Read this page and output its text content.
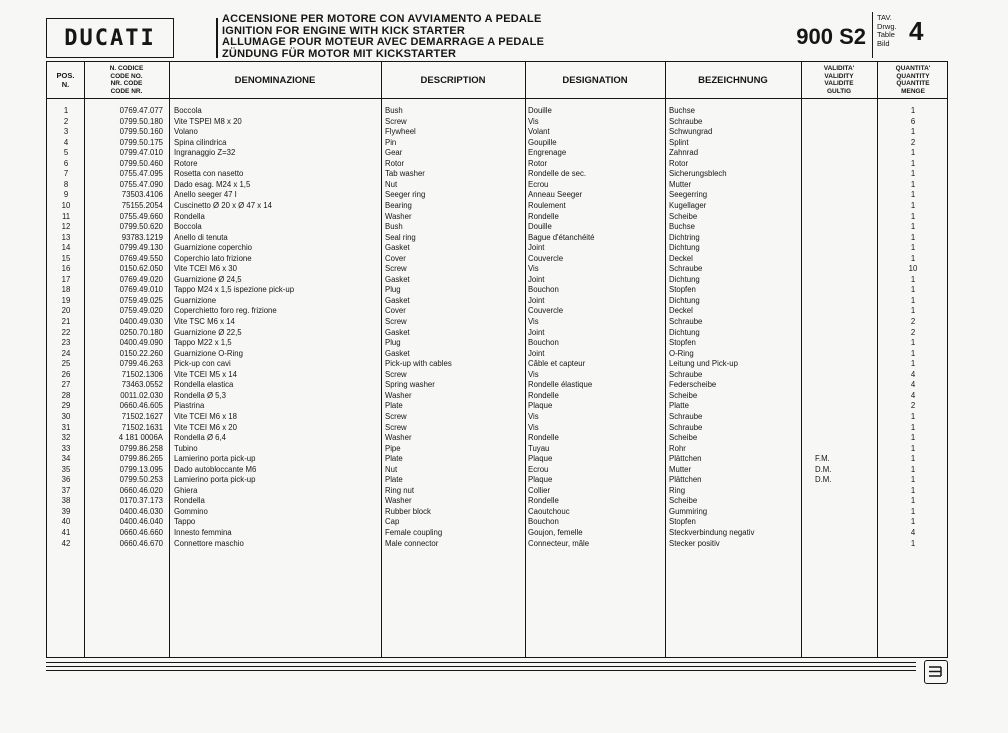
DUCATI
ACCENSIONE PER MOTORE CON AVVIAMENTO A PEDALE
IGNITION FOR ENGINE WITH KICK STARTER
ALLUMAGE POUR MOTEUR AVEC DEMARRAGE A PEDALE
ZÜNDUNG FÜR MOTOR MIT KICKSTARTER
900 S2
TAV.
Drwg.
Table
Bild 4
POS.
N.
N. CODICE
CODE NO.
NR. CODE
CODE NR.
DENOMINAZIONE	DESCRIPTION	DESIGNATION	BEZEICHNUNG
VALIDITA'
VALIDITY
VALIDITE
GULTIG
QUANTITA'
QUANTITY
QUANTITE
MENGE
1	0769.47.077	Boccola	Bush	Douille	Buchse	1
2	0799.50.180	Vite TSPEI M8 x 20	Screw	Vis	Schraube	6
3	0799.50.160	Volano	Flywheel	Volant	Schwungrad	1
4	0799.50.175	Spina cilindrica	Pin	Goupille	Splint	2
5	0799.47.010	Ingranaggio Z=32	Gear	Engrenage	Zahnrad	1
6	0799.50.460	Rotore	Rotor	Rotor	Rotor	1
7	0755.47.095	Rosetta con nasetto	Tab washer	Rondelle de sec.	Sicherungsblech	1
8	0755.47.090	Dado esag. M24 x 1,5	Nut	Ecrou	Mutter	1
9	73503.4106	Anello seeger 47 I	Seeger ring	Anneau Seeger	Seegerring	1
10	75155.2054	Cuscinetto Ø 20 x Ø 47 x 14	Bearing	Roulement	Kugellager	1
11	0755.49.660	Rondella	Washer	Rondelle	Scheibe	1
12	0799.50.620	Boccola	Bush	Douille	Buchse	1
13	93783.1219	Anello di tenuta	Seal ring	Bague d'étanchéité	Dichtring	1
14	0799.49.130	Guarnizione coperchio	Gasket	Joint	Dichtung	1
15	0769.49.550	Coperchio lato frizione	Cover	Couvercle	Deckel	1
16	0150.62.050	Vite TCEI M6 x 30	Screw	Vis	Schraube	10
17	0769.49.020	Guarnizione Ø 24,5	Gasket	Joint	Dichtung	1
18	0769.49.010	Tappo M24 x 1,5 ispezione pick-up	Plug	Bouchon	Stopfen	1
19	0759.49.025	Guarnizione	Gasket	Joint	Dichtung	1
20	0759.49.020	Coperchietto foro reg. frizione	Cover	Couvercle	Deckel	1
21	0400.49.030	Vite TSC M6 x 14	Screw	Vis	Schraube	2
22	0250.70.180	Guarnizione Ø 22,5	Gasket	Joint	Dichtung	2
23	0400.49.090	Tappo M22 x 1,5	Plug	Bouchon	Stopfen	1
24	0150.22.260	Guarnizione O-Ring	Gasket	Joint	O-Ring	1
25	0799.46.263	Pick-up con cavi	Pick-up with cables	Câble et capteur	Leitung und Pick-up	1
26	71502.1306	Vite TCEI M5 x 14	Screw	Vis	Schraube	4
27	73463.0552	Rondella elastica	Spring washer	Rondelle élastique	Federscheibe	4
28	0011.02.030	Rondella Ø 5,3	Washer	Rondelle	Scheibe	4
29	0660.46.605	Piastrina	Plate	Plaque	Platte	2
30	71502.1627	Vite TCEI M6 x 18	Screw	Vis	Schraube	1
31	71502.1631	Vite TCEI M6 x 20	Screw	Vis	Schraube	1
32	4 181 0006A	Rondella Ø 6,4	Washer	Rondelle	Scheibe	1
33	0799.86.258	Tubino	Pipe	Tuyau	Rohr	1
34	0799.86.265	Lamierino porta pick-up	Plate	Plaque	Plättchen	F.M.	1
35	0799.13.095	Dado autobloccante M6	Nut	Ecrou	Mutter	D.M.	1
36	0799.50.253	Lamierino porta pick-up	Plate	Plaque	Plättchen	D.M.	1
37	0660.46.020	Ghiera	Ring nut	Collier	Ring	1
38	0170.37.173	Rondella	Washer	Rondelle	Scheibe	1
39	0400.46.030	Gommino	Rubber block	Caoutchouc	Gummiring	1
40	0400.46.040	Tappo	Cap	Bouchon	Stopfen	1
41	0660.46.660	Innesto femmina	Female coupling	Goujon, femelle	Steckverbindung negativ	4
42	0660.46.670	Connettore maschio	Male connector	Connecteur, mâle	Stecker positiv	1
